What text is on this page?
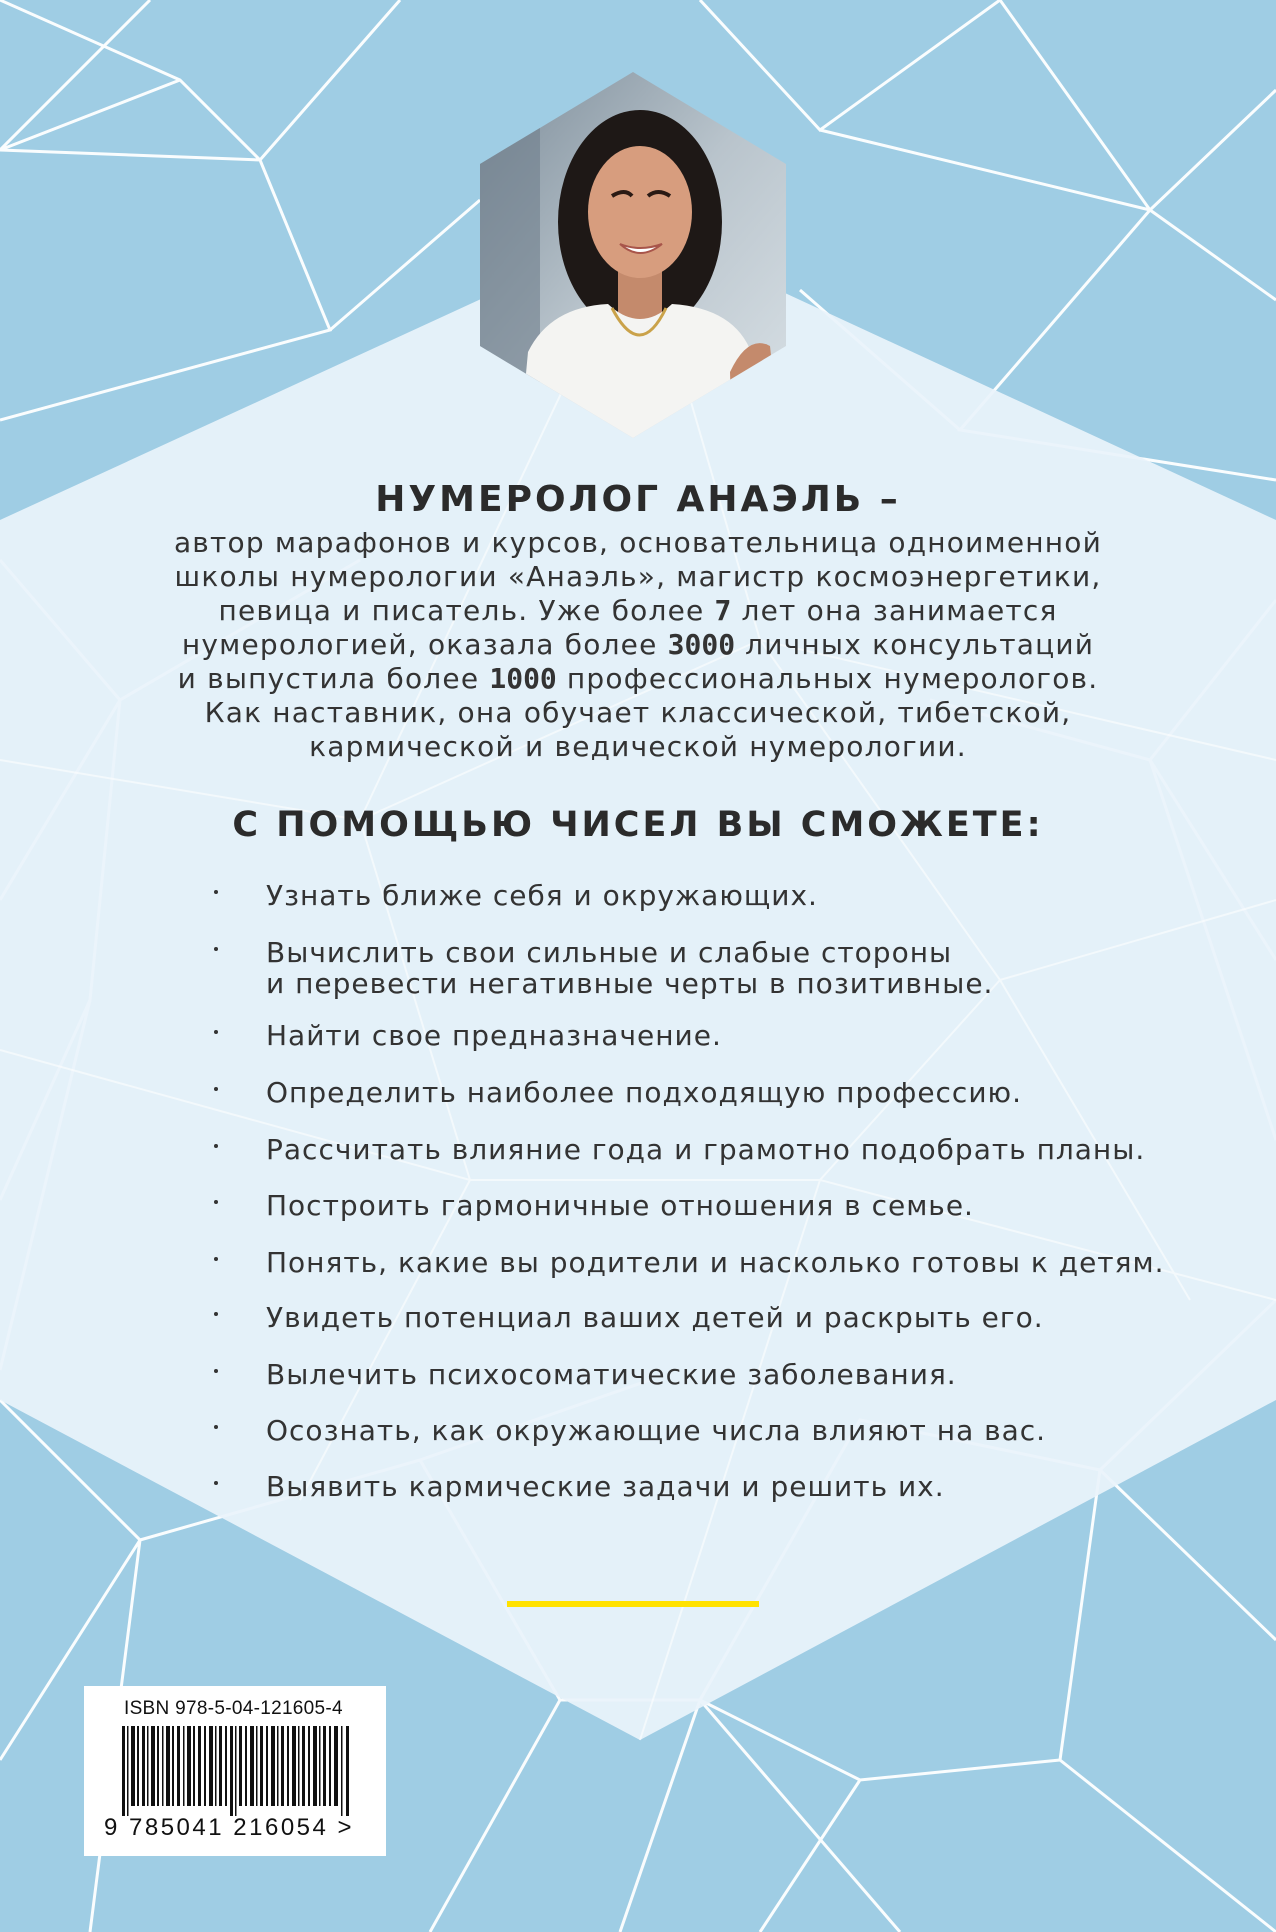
НУМЕРОЛОГ АНАЭЛЬ –

автор марафонов и курсов, основательница одноименной
школы нумерологии «Анаэль», магистр космоэнергетики,
певица и писатель. Уже более 7 лет она занимается
нумерологией, оказала более 3000 личных консультаций
и выпустила более 1000 профессиональных нумерологов.
Как наставник, она обучает классической, тибетской,
кармической и ведической нумерологии.

С ПОМОЩЬЮ ЧИСЕЛ ВЫ СМОЖЕТЕ:
Узнать ближе себя и окружающих.
Вычислить свои сильные и слабые стороны
и перевести негативные черты в позитивные.
Найти свое предназначение.
Определить наиболее подходящую профессию.
Рассчитать влияние года и грамотно подобрать планы.
Построить гармоничные отношения в семье.
Понять, какие вы родители и насколько готовы к детям.
Увидеть потенциал ваших детей и раскрыть его.
Вылечить психосоматические заболевания.
Осознать, как окружающие числа влияют на вас.
Выявить кармические задачи и решить их.
ISBN 978-5-04-121605-4
9 785041 216054 >
